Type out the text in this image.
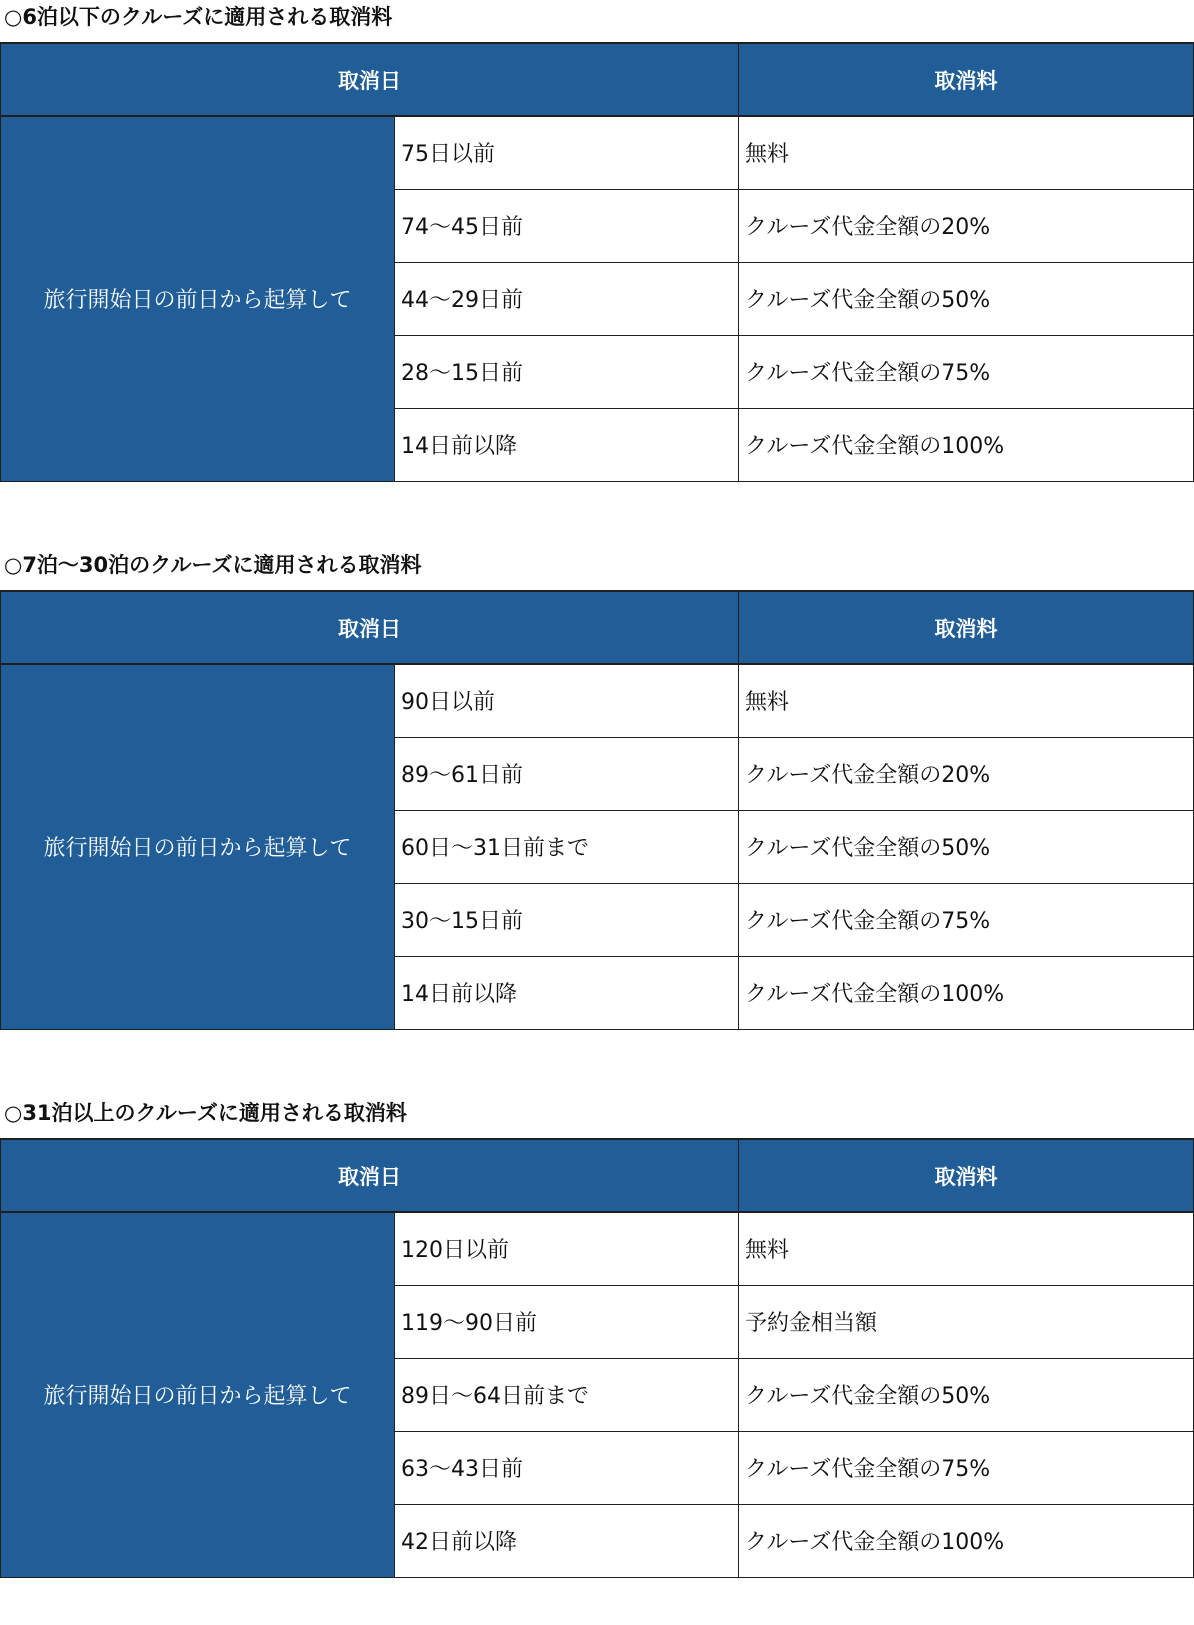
○6泊以下のクルーズに適用される取消料
取消日		取消料
旅行開始日の前日から起算して	75日以前	無料
	74～45日前	クルーズ代金全額の20%
	44～29日前	クルーズ代金全額の50%
	28～15日前	クルーズ代金全額の75%
	14日前以降	クルーズ代金全額の100%
○7泊～30泊のクルーズに適用される取消料
取消日		取消料
旅行開始日の前日から起算して	90日以前	無料
	89～61日前	クルーズ代金全額の20%
	60日～31日前まで	クルーズ代金全額の50%
	30～15日前	クルーズ代金全額の75%
	14日前以降	クルーズ代金全額の100%
○31泊以上のクルーズに適用される取消料
取消日		取消料
旅行開始日の前日から起算して	120日以前	無料
	119～90日前	予約金相当額
	89日～64日前まで	クルーズ代金全額の50%
	63～43日前	クルーズ代金全額の75%
	42日前以降	クルーズ代金全額の100%
